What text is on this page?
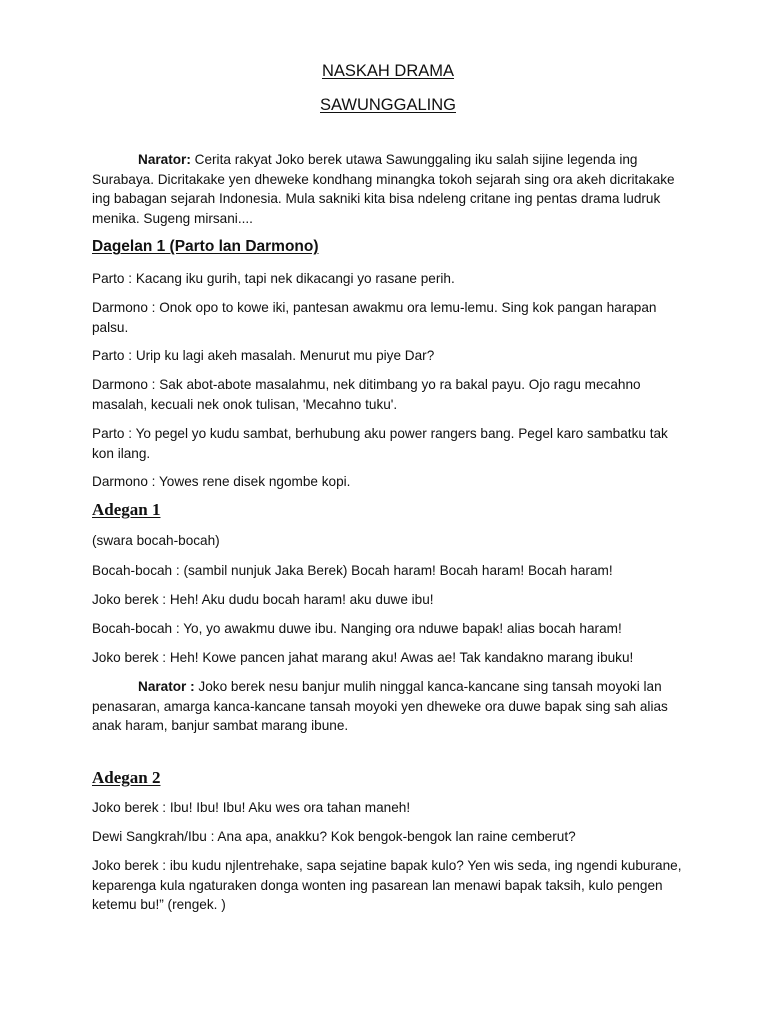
NASKAH DRAMA

SAWUNGGALING

Narator: Cerita rakyat Joko berek utawa Sawunggaling iku salah sijine legenda ing Surabaya. Dicritakake yen dheweke kondhang minangka tokoh sejarah sing ora akeh dicritakake ing babagan sejarah Indonesia. Mula sakniki kita bisa ndeleng critane ing pentas drama ludruk menika. Sugeng mirsani....

Dagelan 1 (Parto lan Darmono)

Parto : Kacang iku gurih, tapi nek dikacangi yo rasane perih.

Darmono : Onok opo to kowe iki, pantesan awakmu ora lemu-lemu. Sing kok pangan harapan palsu.

Parto : Urip ku lagi akeh masalah. Menurut mu piye Dar?

Darmono : Sak abot-abote masalahmu, nek ditimbang yo ra bakal payu. Ojo ragu mecahno masalah, kecuali nek onok tulisan, 'Mecahno tuku'.

Parto : Yo pegel yo kudu sambat, berhubung aku power rangers bang. Pegel karo sambatku tak kon ilang.

Darmono : Yowes rene disek ngombe kopi.

Adegan 1

(swara bocah-bocah)

Bocah-bocah : (sambil nunjuk Jaka Berek) Bocah haram! Bocah haram! Bocah haram!

Joko berek : Heh! Aku dudu bocah haram! aku duwe ibu!

Bocah-bocah : Yo, yo awakmu duwe ibu. Nanging ora nduwe bapak! alias bocah haram!

Joko berek : Heh! Kowe pancen jahat marang aku! Awas ae! Tak kandakno marang ibuku!

Narator : Joko berek nesu banjur mulih ninggal kanca-kancane sing tansah moyoki lan penasaran, amarga kanca-kancane tansah moyoki yen dheweke ora duwe bapak sing sah alias anak haram, banjur sambat marang ibune.

Adegan 2

Joko berek : Ibu! Ibu! Ibu! Aku wes ora tahan maneh!

Dewi Sangkrah/Ibu : Ana apa, anakku? Kok bengok-bengok lan raine cemberut?

Joko berek : ibu kudu njlentrehake, sapa sejatine bapak kulo? Yen wis seda, ing ngendi kuburane, keparenga kula ngaturaken donga wonten ing pasarean lan menawi bapak taksih, kulo pengen ketemu bu!” (rengek. )
